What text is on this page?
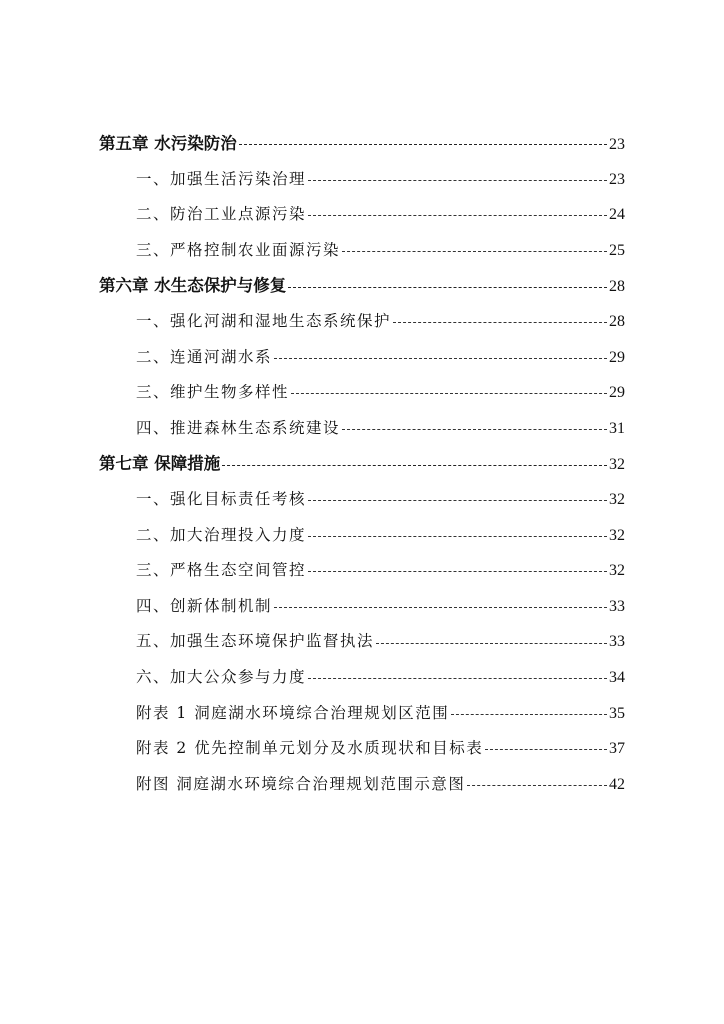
第五章 水污染防治	23
一、加强生活污染治理	23
二、防治工业点源污染	24
三、严格控制农业面源污染	25
第六章 水生态保护与修复	28
一、强化河湖和湿地生态系统保护	28
二、连通河湖水系	29
三、维护生物多样性	29
四、推进森林生态系统建设	31
第七章 保障措施	32
一、强化目标责任考核	32
二、加大治理投入力度	32
三、严格生态空间管控	32
四、创新体制机制	33
五、加强生态环境保护监督执法	33
六、加大公众参与力度	34
附表 1 洞庭湖水环境综合治理规划区范围	35
附表 2 优先控制单元划分及水质现状和目标表	37
附图 洞庭湖水环境综合治理规划范围示意图	42
